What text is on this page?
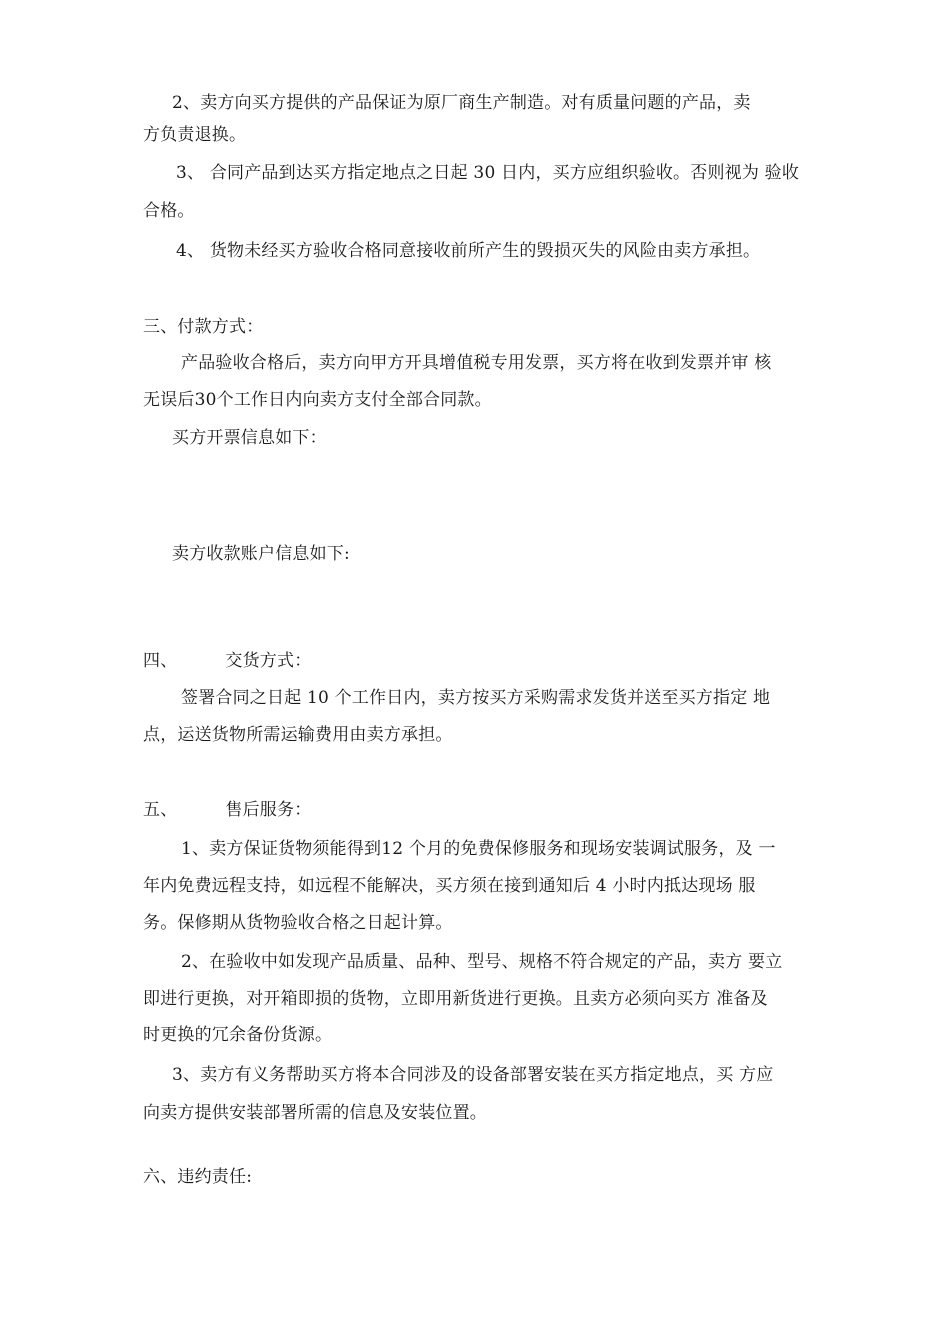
2、卖方向买方提供的产品保证为原厂商生产制造。对有质量问题的产品，卖
方负责退换。
3、 合同产品到达买方指定地点之日起 30 日内，买方应组织验收。否则视为 验收
合格。
4、 货物未经买方验收合格同意接收前所产生的毁损灭失的风险由卖方承担。
三、付款方式：
产品验收合格后，卖方向甲方开具增值税专用发票，买方将在收到发票并审 核
无误后30个工作日内向卖方支付全部合同款。
买方开票信息如下：
卖方收款账户信息如下:
四、	交货方式：
签署合同之日起 10 个工作日内，卖方按买方采购需求发货并送至买方指定 地
点，运送货物所需运输费用由卖方承担。
五、	售后服务：
1、卖方保证货物须能得到12 个月的免费保修服务和现场安装调试服务，及 一
年内免费远程支持，如远程不能解决，买方须在接到通知后 4 小时内抵达现场 服
务。保修期从货物验收合格之日起计算。
2、在验收中如发现产品质量、品种、型号、规格不符合规定的产品，卖方 要立
即进行更换，对开箱即损的货物，立即用新货进行更换。且卖方必须向买方 准备及
时更换的冗余备份货源。
3、卖方有义务帮助买方将本合同涉及的设备部署安装在买方指定地点，买 方应
向卖方提供安装部署所需的信息及安装位置。
六、违约责任:
